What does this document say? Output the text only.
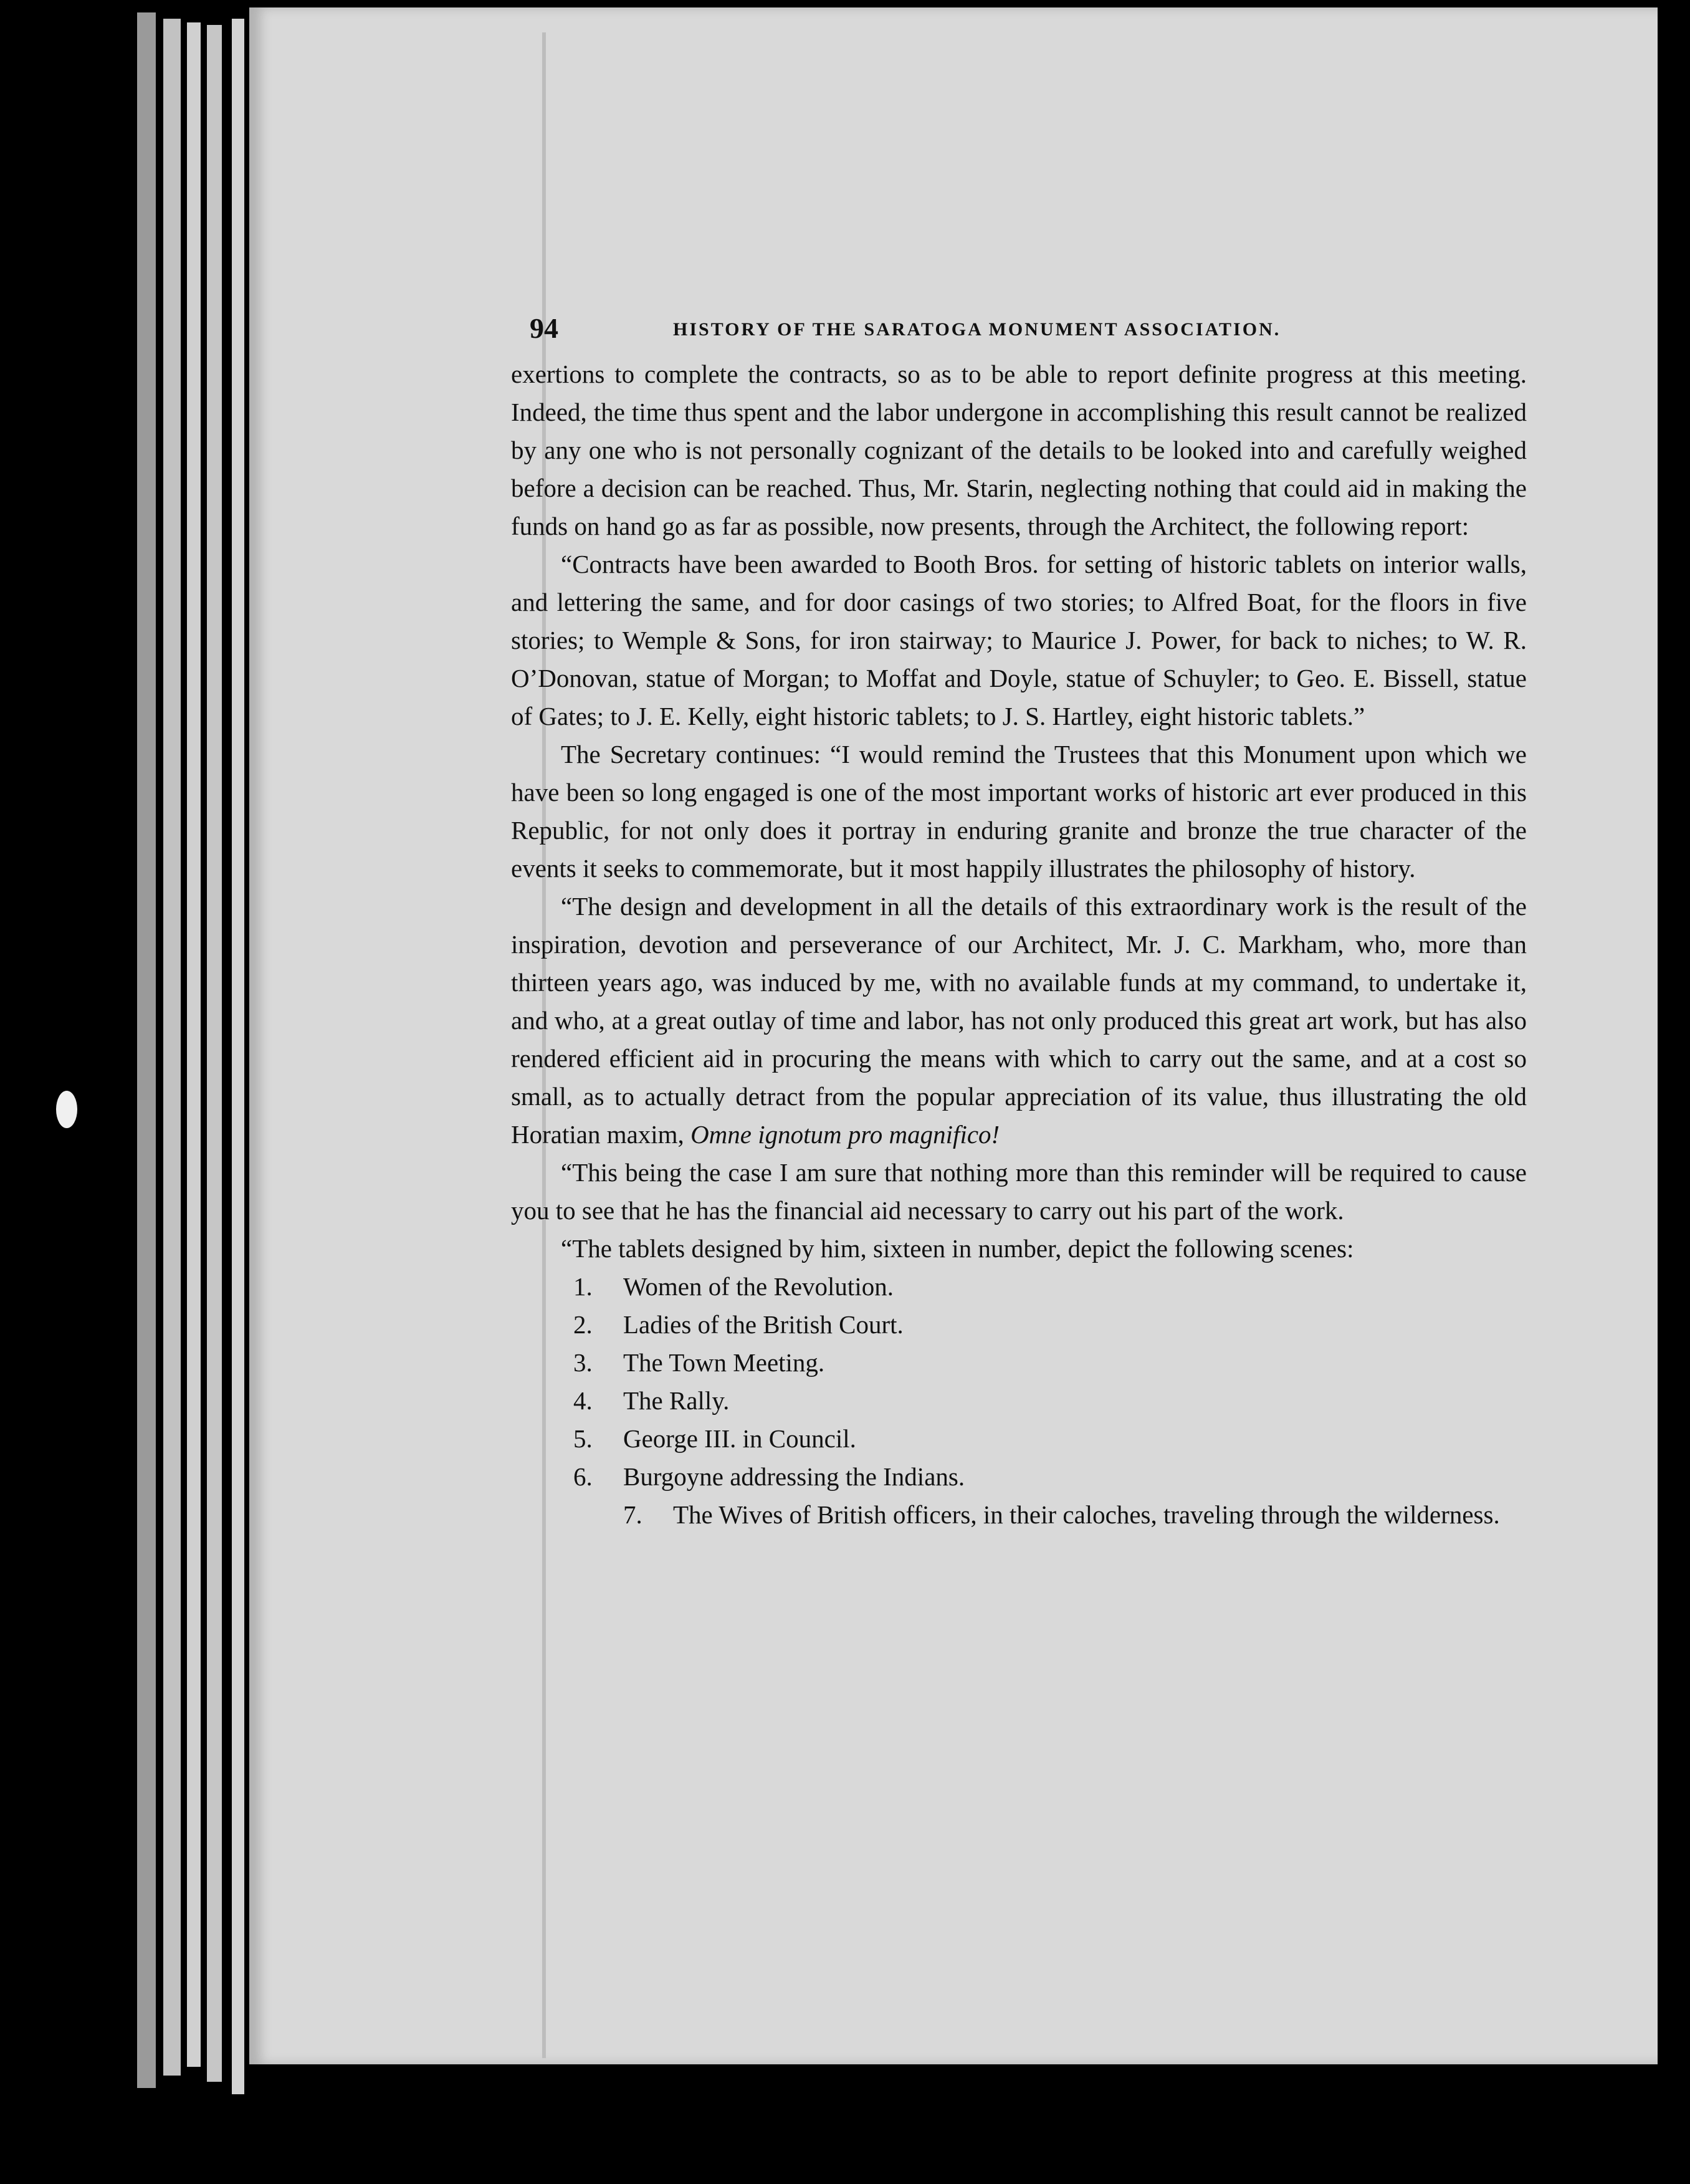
94	HISTORY OF THE SARATOGA MONUMENT ASSOCIATION.

exertions to complete the contracts, so as to be able to report definite progress at this meeting. Indeed, the time thus spent and the labor undergone in accomplishing this result cannot be realized by any one who is not personally cognizant of the details to be looked into and carefully weighed before a decision can be reached. Thus, Mr. Starin, neglecting nothing that could aid in making the funds on hand go as far as possible, now presents, through the Architect, the following report:

“Contracts have been awarded to Booth Bros. for setting of historic tablets on interior walls, and lettering the same, and for door casings of two stories; to Alfred Boat, for the floors in five stories; to Wemple & Sons, for iron stairway; to Maurice J. Power, for back to niches; to W. R. O’Donovan, statue of Morgan; to Moffat and Doyle, statue of Schuyler; to Geo. E. Bissell, statue of Gates; to J. E. Kelly, eight historic tablets; to J. S. Hartley, eight historic tablets.”

The Secretary continues: “I would remind the Trustees that this Monument upon which we have been so long engaged is one of the most important works of historic art ever produced in this Republic, for not only does it portray in enduring granite and bronze the true character of the events it seeks to commemorate, but it most happily illustrates the philosophy of history.

“The design and development in all the details of this extraordinary work is the result of the inspiration, devotion and perseverance of our Architect, Mr. J. C. Markham, who, more than thirteen years ago, was induced by me, with no available funds at my command, to undertake it, and who, at a great outlay of time and labor, has not only produced this great art work, but has also rendered efficient aid in procuring the means with which to carry out the same, and at a cost so small, as to actually detract from the popular appreciation of its value, thus illustrating the old Horatian maxim, Omne ignotum pro magnifico!

“This being the case I am sure that nothing more than this reminder will be required to cause you to see that he has the financial aid necessary to carry out his part of the work.

“The tablets designed by him, sixteen in number, depict the following scenes:

1.	Women of the Revolution.
2.	Ladies of the British Court.
3.	The Town Meeting.
4.	The Rally.
5.	George III. in Council.
6.	Burgoyne addressing the Indians.
7. The Wives of British officers, in their caloches, traveling through the wilderness.
